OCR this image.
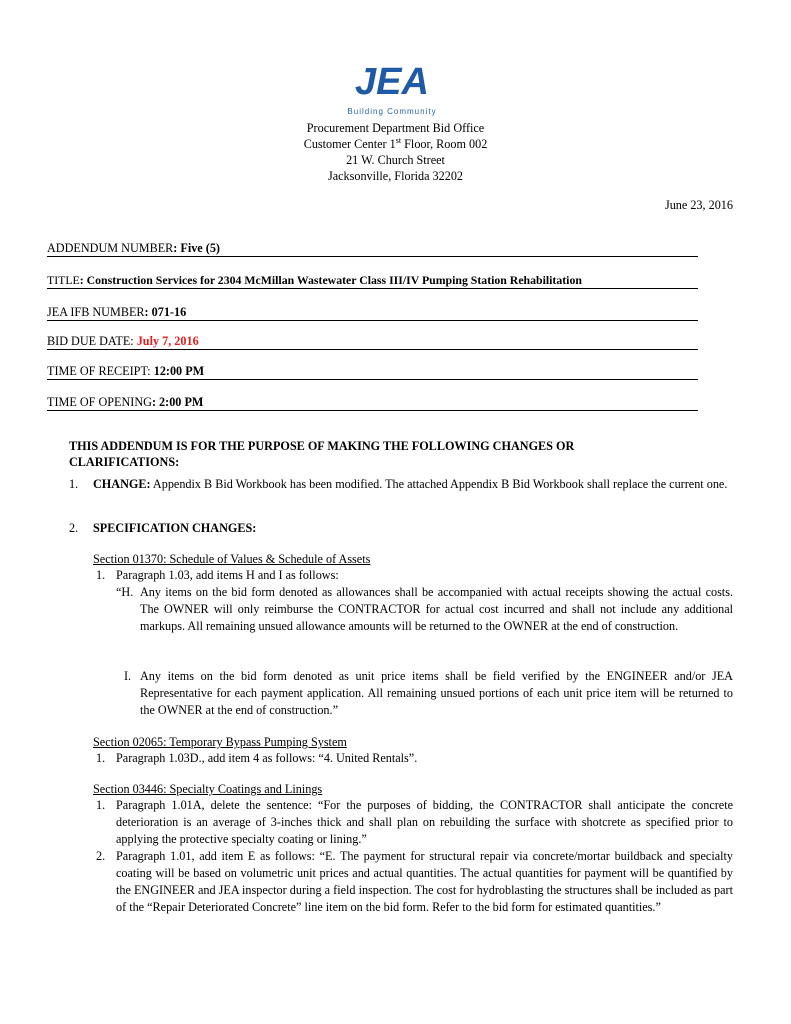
JEA
Building Community

Procurement Department Bid Office

Customer Center 1st Floor, Room 002

21 W. Church Street

Jacksonville, Florida 32202

June 23, 2016
ADDENDUM NUMBER: Five (5)
TITLE: Construction Services for 2304 McMillan Wastewater Class III/IV Pumping Station Rehabilitation
JEA IFB NUMBER: 071-16
BID DUE DATE: July 7, 2016
TIME OF RECEIPT: 12:00 PM
TIME OF OPENING: 2:00 PM
THIS ADDENDUM IS FOR THE PURPOSE OF MAKING THE FOLLOWING CHANGES OR CLARIFICATIONS:
1. CHANGE: Appendix B Bid Workbook has been modified. The attached Appendix B Bid Workbook shall replace the current one.
2. SPECIFICATION CHANGES:
Section 01370: Schedule of Values & Schedule of Assets
1. Paragraph 1.03, add items H and I as follows:
“H. Any items on the bid form denoted as allowances shall be accompanied with actual receipts showing the actual costs. The OWNER will only reimburse the CONTRACTOR for actual cost incurred and shall not include any additional markups. All remaining unsued allowance amounts will be returned to the OWNER at the end of construction.
I. Any items on the bid form denoted as unit price items shall be field verified by the ENGINEER and/or JEA Representative for each payment application. All remaining unsued portions of each unit price item will be returned to the OWNER at the end of construction.”
Section 02065: Temporary Bypass Pumping System
1. Paragraph 1.03D., add item 4 as follows: “4. United Rentals”.
Section 03446: Specialty Coatings and Linings
1. Paragraph 1.01A, delete the sentence: “For the purposes of bidding, the CONTRACTOR shall anticipate the concrete deterioration is an average of 3-inches thick and shall plan on rebuilding the surface with shotcrete as specified prior to applying the protective specialty coating or lining.”
2. Paragraph 1.01, add item E as follows: “E. The payment for structural repair via concrete/mortar buildback and specialty coating will be based on volumetric unit prices and actual quantities. The actual quantities for payment will be quantified by the ENGINEER and JEA inspector during a field inspection. The cost for hydroblasting the structures shall be included as part of the “Repair Deteriorated Concrete” line item on the bid form. Refer to the bid form for estimated quantities.”
